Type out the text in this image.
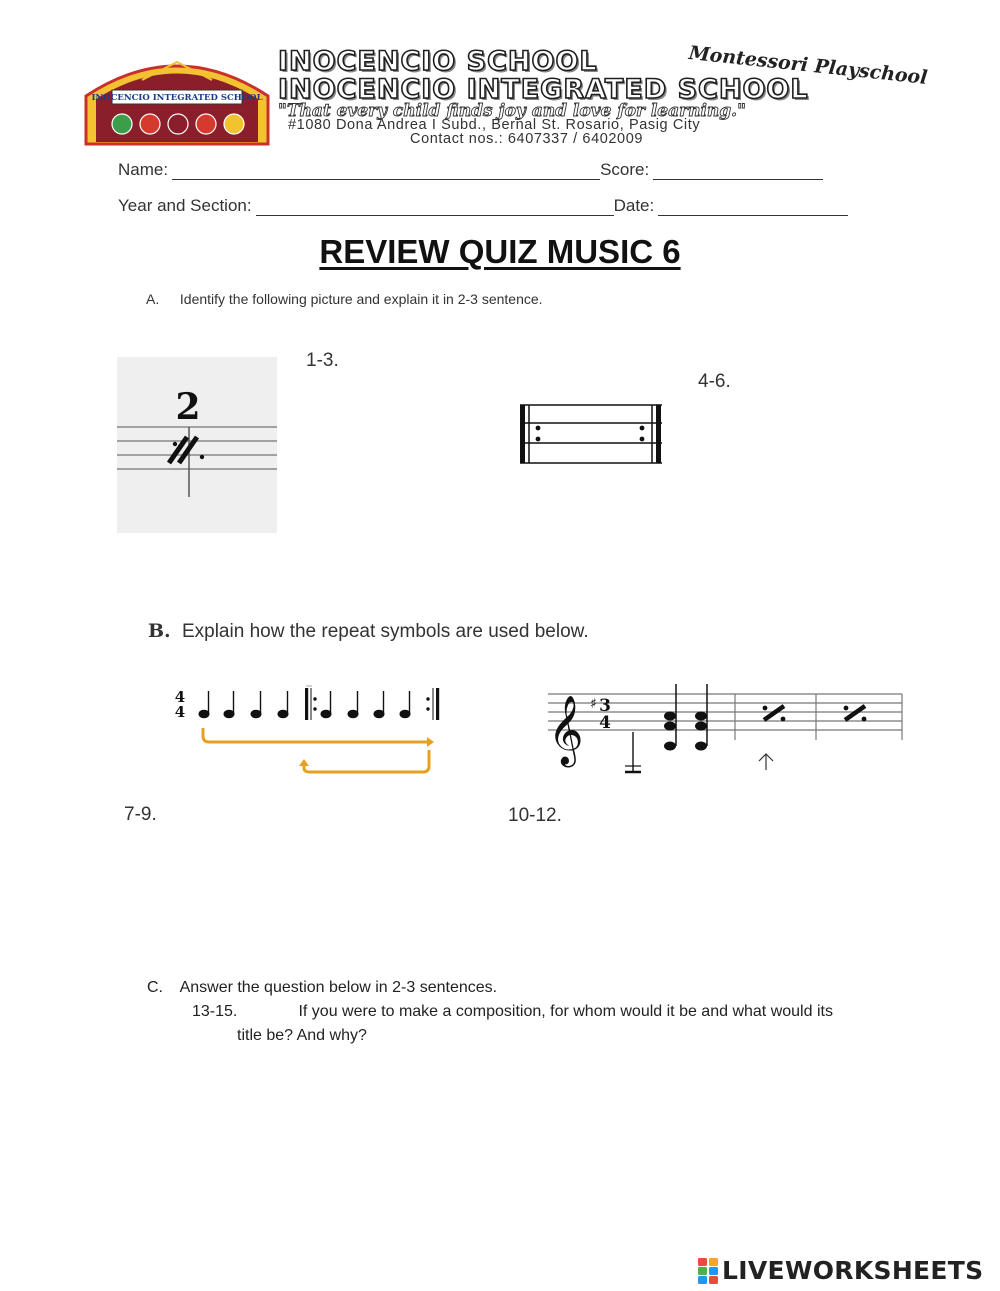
INOCENCIO INTEGRATED SCHOOL
INOCENCIO SCHOOL	Montessori Playschool
INOCENCIO INTEGRATED SCHOOL
"That every child finds joy and love for learning."
#1080 Dona Andrea I Subd., Bernal St. Rosario, Pasig City
Contact nos.: 6407337 / 6402009
Name:	Score:
Year and Section:	Date:
REVIEW QUIZ MUSIC 6
A. Identify the following picture and explain it in 2-3 sentence.
1-3.
4-6.
2
B. Explain how the repeat symbols are used below.
4
4	𝄞 ♯ 3
4
7-9.	10-12.
C. Answer the question below in 2-3 sentences.
13-15.	If you were to make a composition, for whom would it be and what would its
title be? And why?
LIVEWORKSHEETS
